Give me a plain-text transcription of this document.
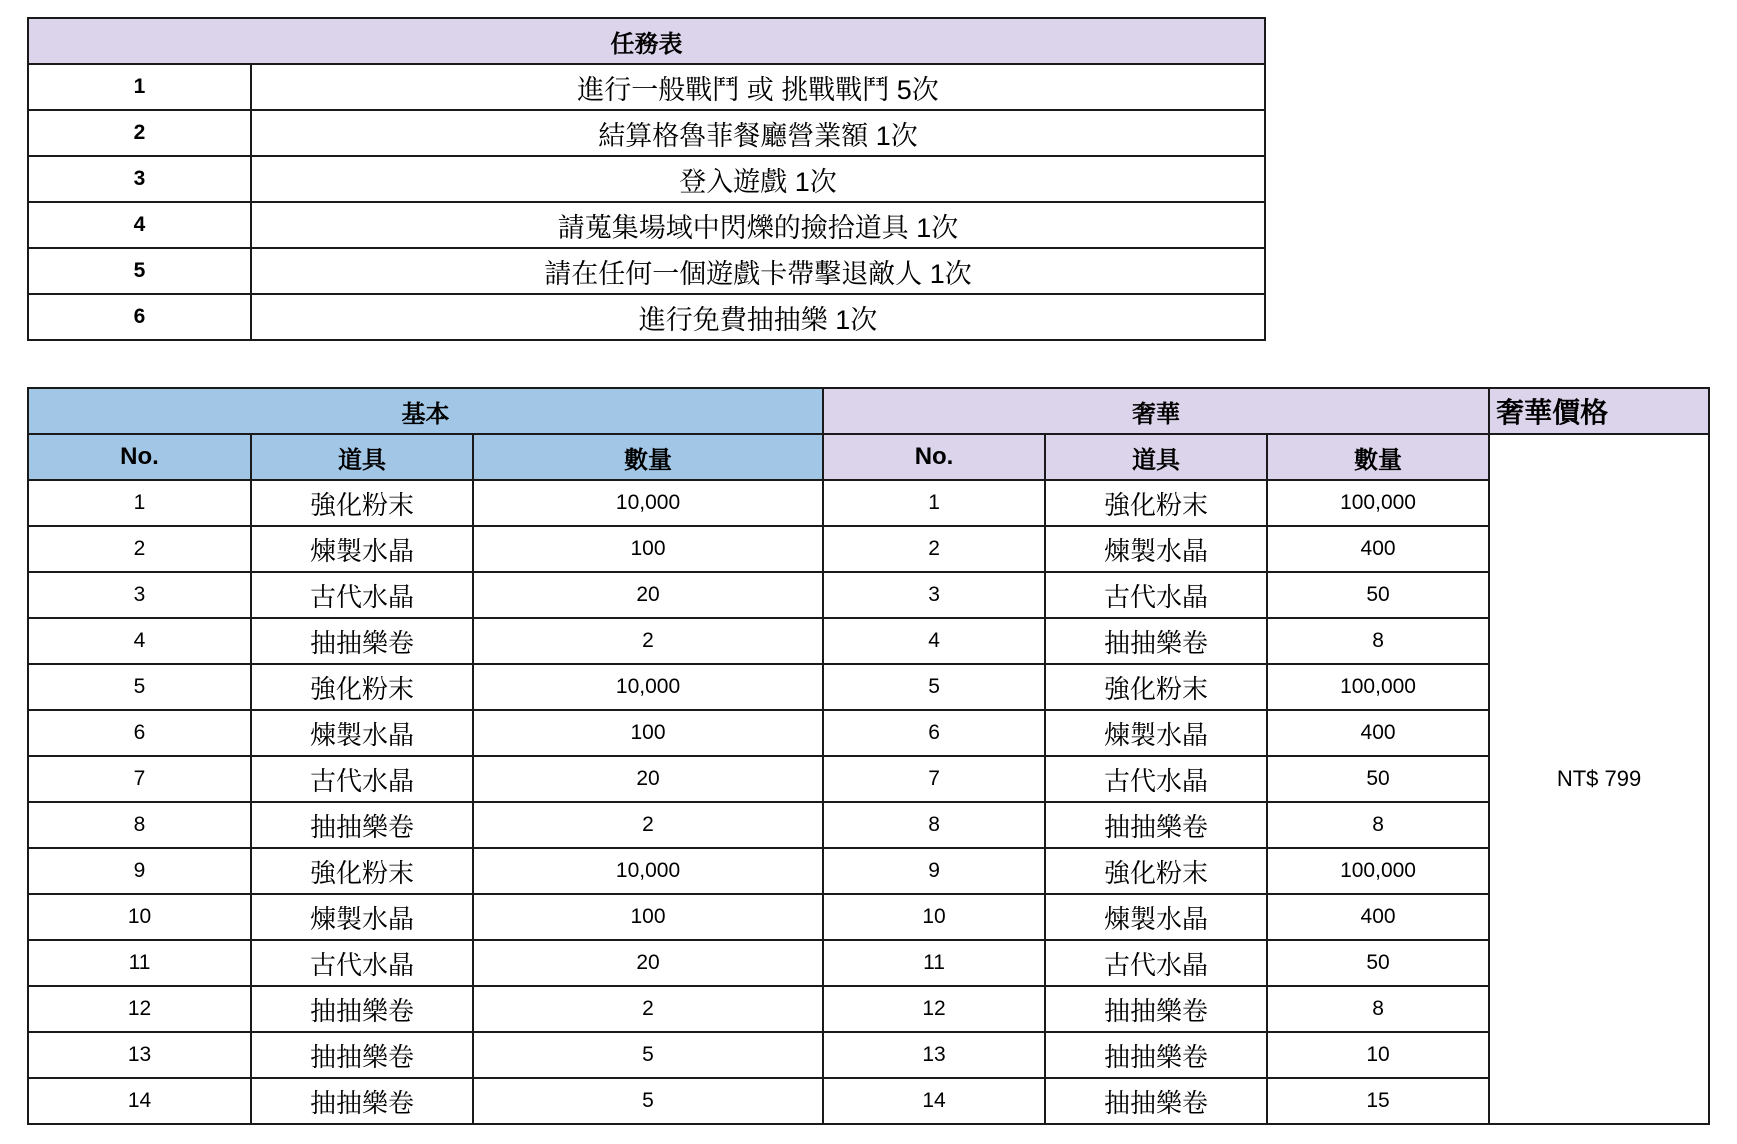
任務表	
1	進行一般戰鬥 或 挑戰戰鬥 5次
2	結算格魯菲餐廳營業額 1次
3	登入遊戲 1次
4	請蒐集場域中閃爍的撿拾道具 1次
5	請在任何一個遊戲卡帶擊退敵人 1次
6	進行免費抽抽樂 1次
基本			奢華			奢華價格
No.	道具	數量	No.	道具	數量	NT$ 799
1	強化粉末	10,000	1	強化粉末	100,000	
2	煉製水晶	100	2	煉製水晶	400	
3	古代水晶	20	3	古代水晶	50	
4	抽抽樂卷	2	4	抽抽樂卷	8	
5	強化粉末	10,000	5	強化粉末	100,000	
6	煉製水晶	100	6	煉製水晶	400	
7	古代水晶	20	7	古代水晶	50	
8	抽抽樂卷	2	8	抽抽樂卷	8	
9	強化粉末	10,000	9	強化粉末	100,000	
10	煉製水晶	100	10	煉製水晶	400	
11	古代水晶	20	11	古代水晶	50	
12	抽抽樂卷	2	12	抽抽樂卷	8	
13	抽抽樂卷	5	13	抽抽樂卷	10	
14	抽抽樂卷	5	14	抽抽樂卷	15	
